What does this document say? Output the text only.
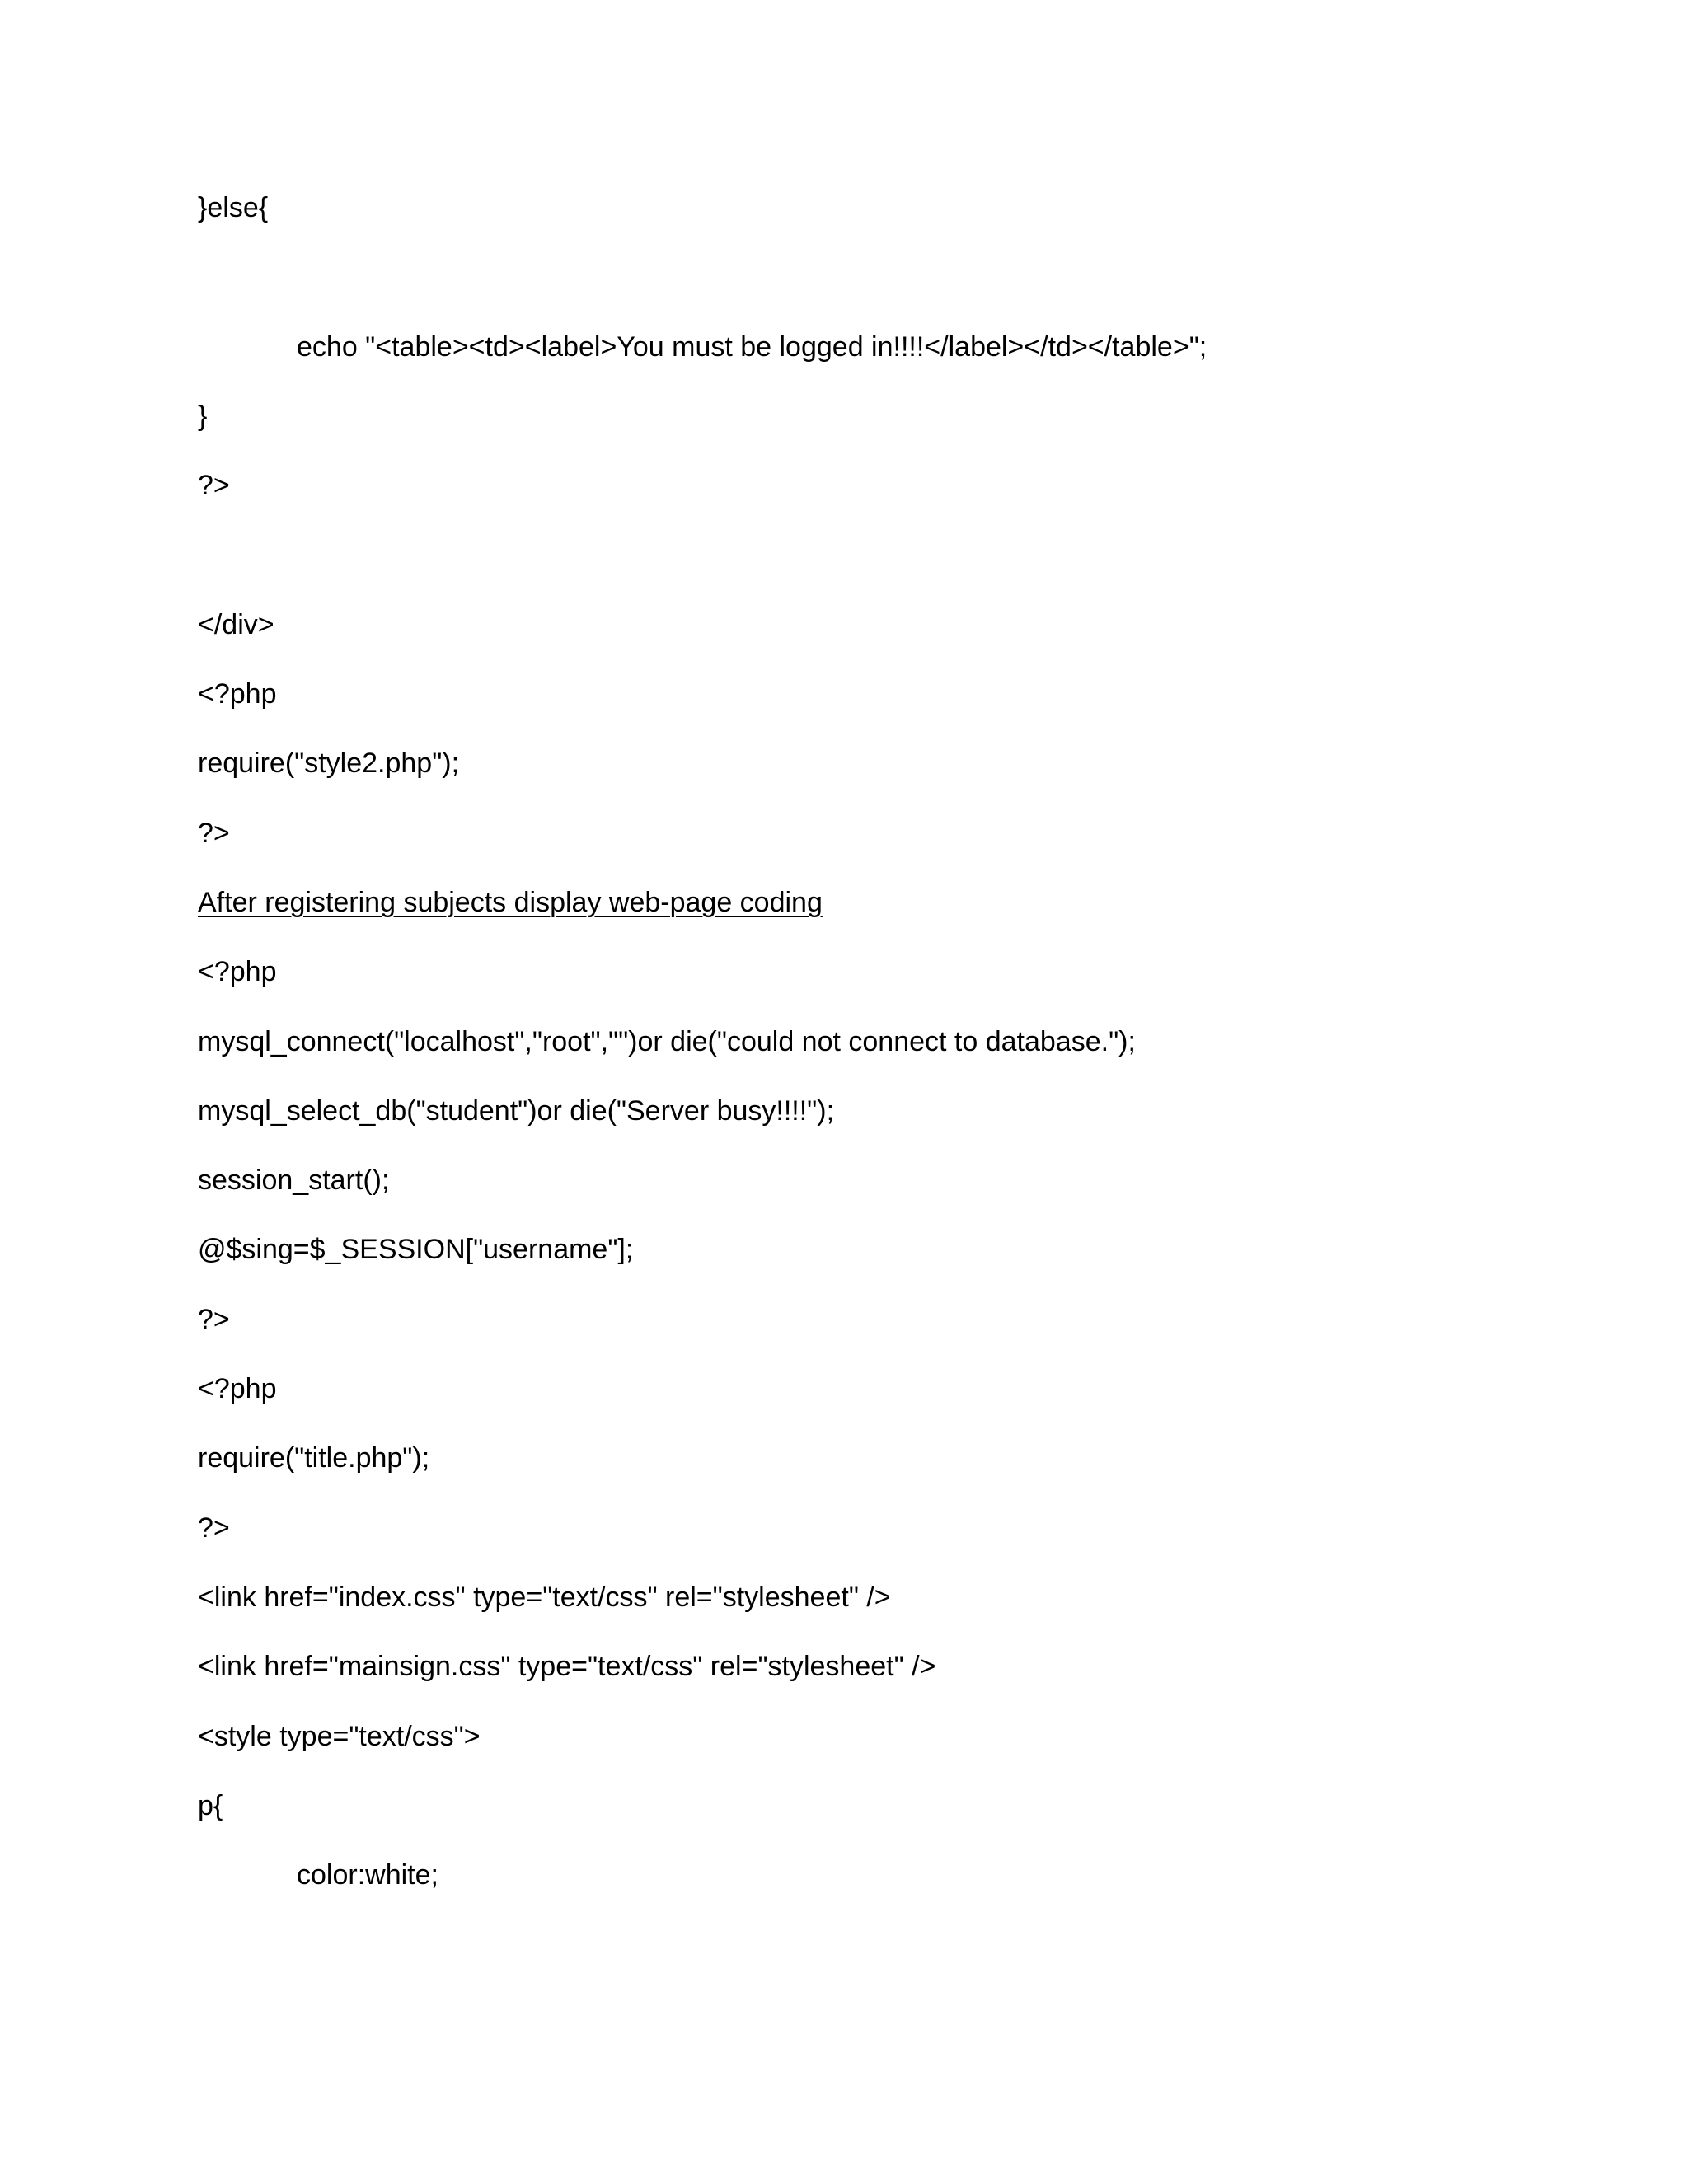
}else{
echo "<table><td><label>You must be logged in!!!!</label></td></table>";
}
?>
</div>
<?php
require("style2.php");
?>
After registering subjects display web-page coding
<?php
mysql_connect("localhost","root","")or die("could not connect to database.");
mysql_select_db("student")or die("Server busy!!!!");
session_start();
@$sing=$_SESSION["username"];
?>
<?php
require("title.php");
?>
<link href="index.css" type="text/css" rel="stylesheet" />
<link href="mainsign.css" type="text/css" rel="stylesheet" />
<style type="text/css">
p{
color:white;
